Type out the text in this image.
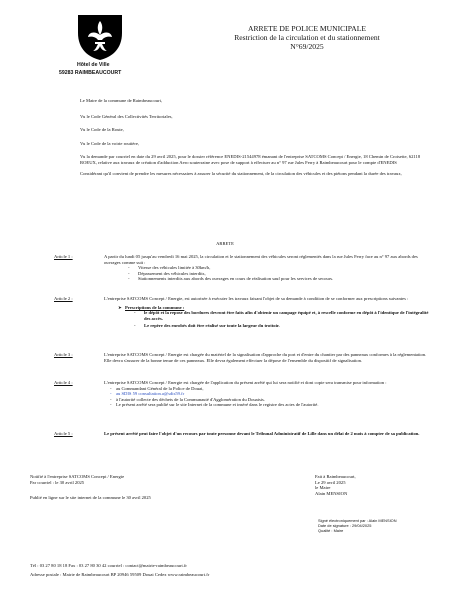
Hôtel de Ville
59283 RAIMBEAUCOURT
ARRETE DE POLICE MUNICIPALE
Restriction de la circulation et du stationnement
N°69/2025
Le Maire de la commune de Raimbeaucourt,
Vu le Code Général des Collectivités Territoriales,
Vu le Code de la Route,
Vu le Code de la voirie routière,
Vu la demande par courriel en date du 29 avril 2025, pour le dossier référence ENEDIS-21544978 émanant de l'entreprise SATCOMS Concept / Energie, 18 Chemin de Croisette, 62118 ROEUX, relative aux travaux de création d'adduction Aero souterraine avec pose de support à effectuer au n° 97 rue Jules Ferry à Raimbeaucourt pour le compte d'ENEDIS
Considérant qu'il convient de prendre les mesures nécessaires à assurer la sécurité du stationnement, de la circulation des véhicules et des piétons pendant la durée des travaux,
ARRETE
Article 1 :	A partir du lundi 05 jusqu'au vendredi 16 mai 2025, la circulation et le stationnement des véhicules seront réglementés dans la rue Jules Ferry face au n° 97 aux abords des ouvrages comme suit :
- Vitesse des véhicules limitée à 30km/h,
- Dépassement des véhicules interdits,
- Stationnements interdits aux abords des ouvrages en cours de réalisation sauf pour les services de secours.
Article 2 :	L'entreprise SATCOMS Concept / Energie, est autorisée à exécuter les travaux faisant l'objet de sa demande à condition de se conformer aux prescriptions suivantes :
➤ Prescriptions de la commune :
- le dépôt et la repose des bordures devront être faits afin d'obtenir un campage équipé et, à rescelle conforme en dépôt à l'identique de l'intégralité des accès.
- Le repère des enrobés doit être réalisé sur toute la largeur du trottoir.
Article 3 :	L'entreprise SATCOMS Concept / Energie est chargée du matériel de la signalisation d'approche du port et d'entre du chantier par des panneaux conformes à la réglementation. Elle devra s'assurer de la bonne tenue de ces panneaux. Elle devra également effectuer la dépose de l'ensemble du dispositif de signalisation.
Article 4 :	L'entreprise SATCOMS Concept / Energie est chargée de l'application du présent arrêté qui lui sera notifié et dont copie sera transmise pour information :
- au Commandant Général de la Police de Douai,
- au SDIS 59 consultation.a@sdis59.fr
- à l'autorité collecte des déchets de la Communauté d'Agglomération du Douaisis.
- Le présent arrêté sera publié sur le site Internet de la commune et inséré dans le registre des actes de l'autorité.
Article 5 :	Le présent arrêté peut faire l'objet d'un recours par toute personne devant le Tribunal Administratif de Lille dans un délai de 2 mois à compter de sa publication.
Notifié à l'entreprise SATCOMS Concept / Energie
Par courriel : le 30 avril 2025
Publié en ligne sur le site internet de la commune le 30 avril 2025
Fait à Raimbeaucourt,
Le 29 avril 2025
le Maire
Alain MENSION
Signé électroniquement par : Alain MENSION
Date de signature : 29/04/2025
Qualité : Maire
Tél : 03 27 80 18 18 Fax : 03 27 80 30 42 courriel : contact@mairie-raimbeaucourt.fr
Adresse postale : Mairie de Raimbeaucourt BP 20946 59509 Douai Cedex www.raimbeaucourt.fr
